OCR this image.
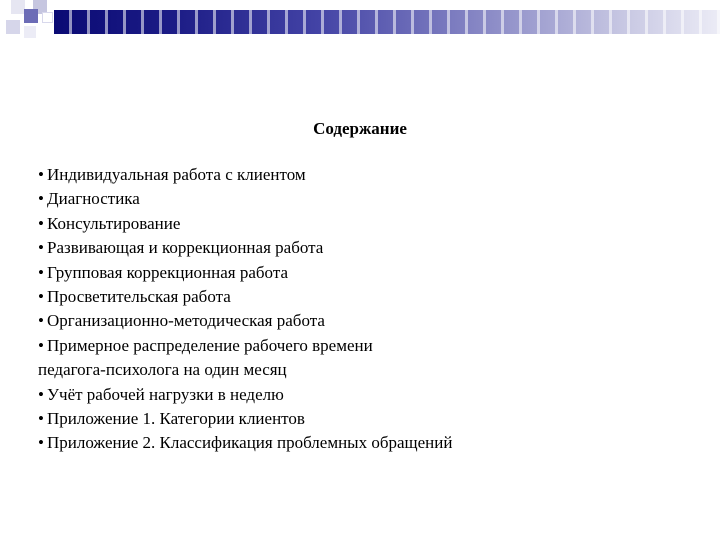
Содержание
• Индивидуальная работа с клиентом
• Диагностика
• Консультирование
• Развивающая и коррекционная работа
• Групповая коррекционная работа
• Просветительская работа
• Организационно-методическая работа
• Примерное распределение рабочего времени
педагога-психолога на один месяц
• Учёт рабочей нагрузки в неделю
• Приложение 1. Категории клиентов
• Приложение 2. Классификация проблемных обращений
